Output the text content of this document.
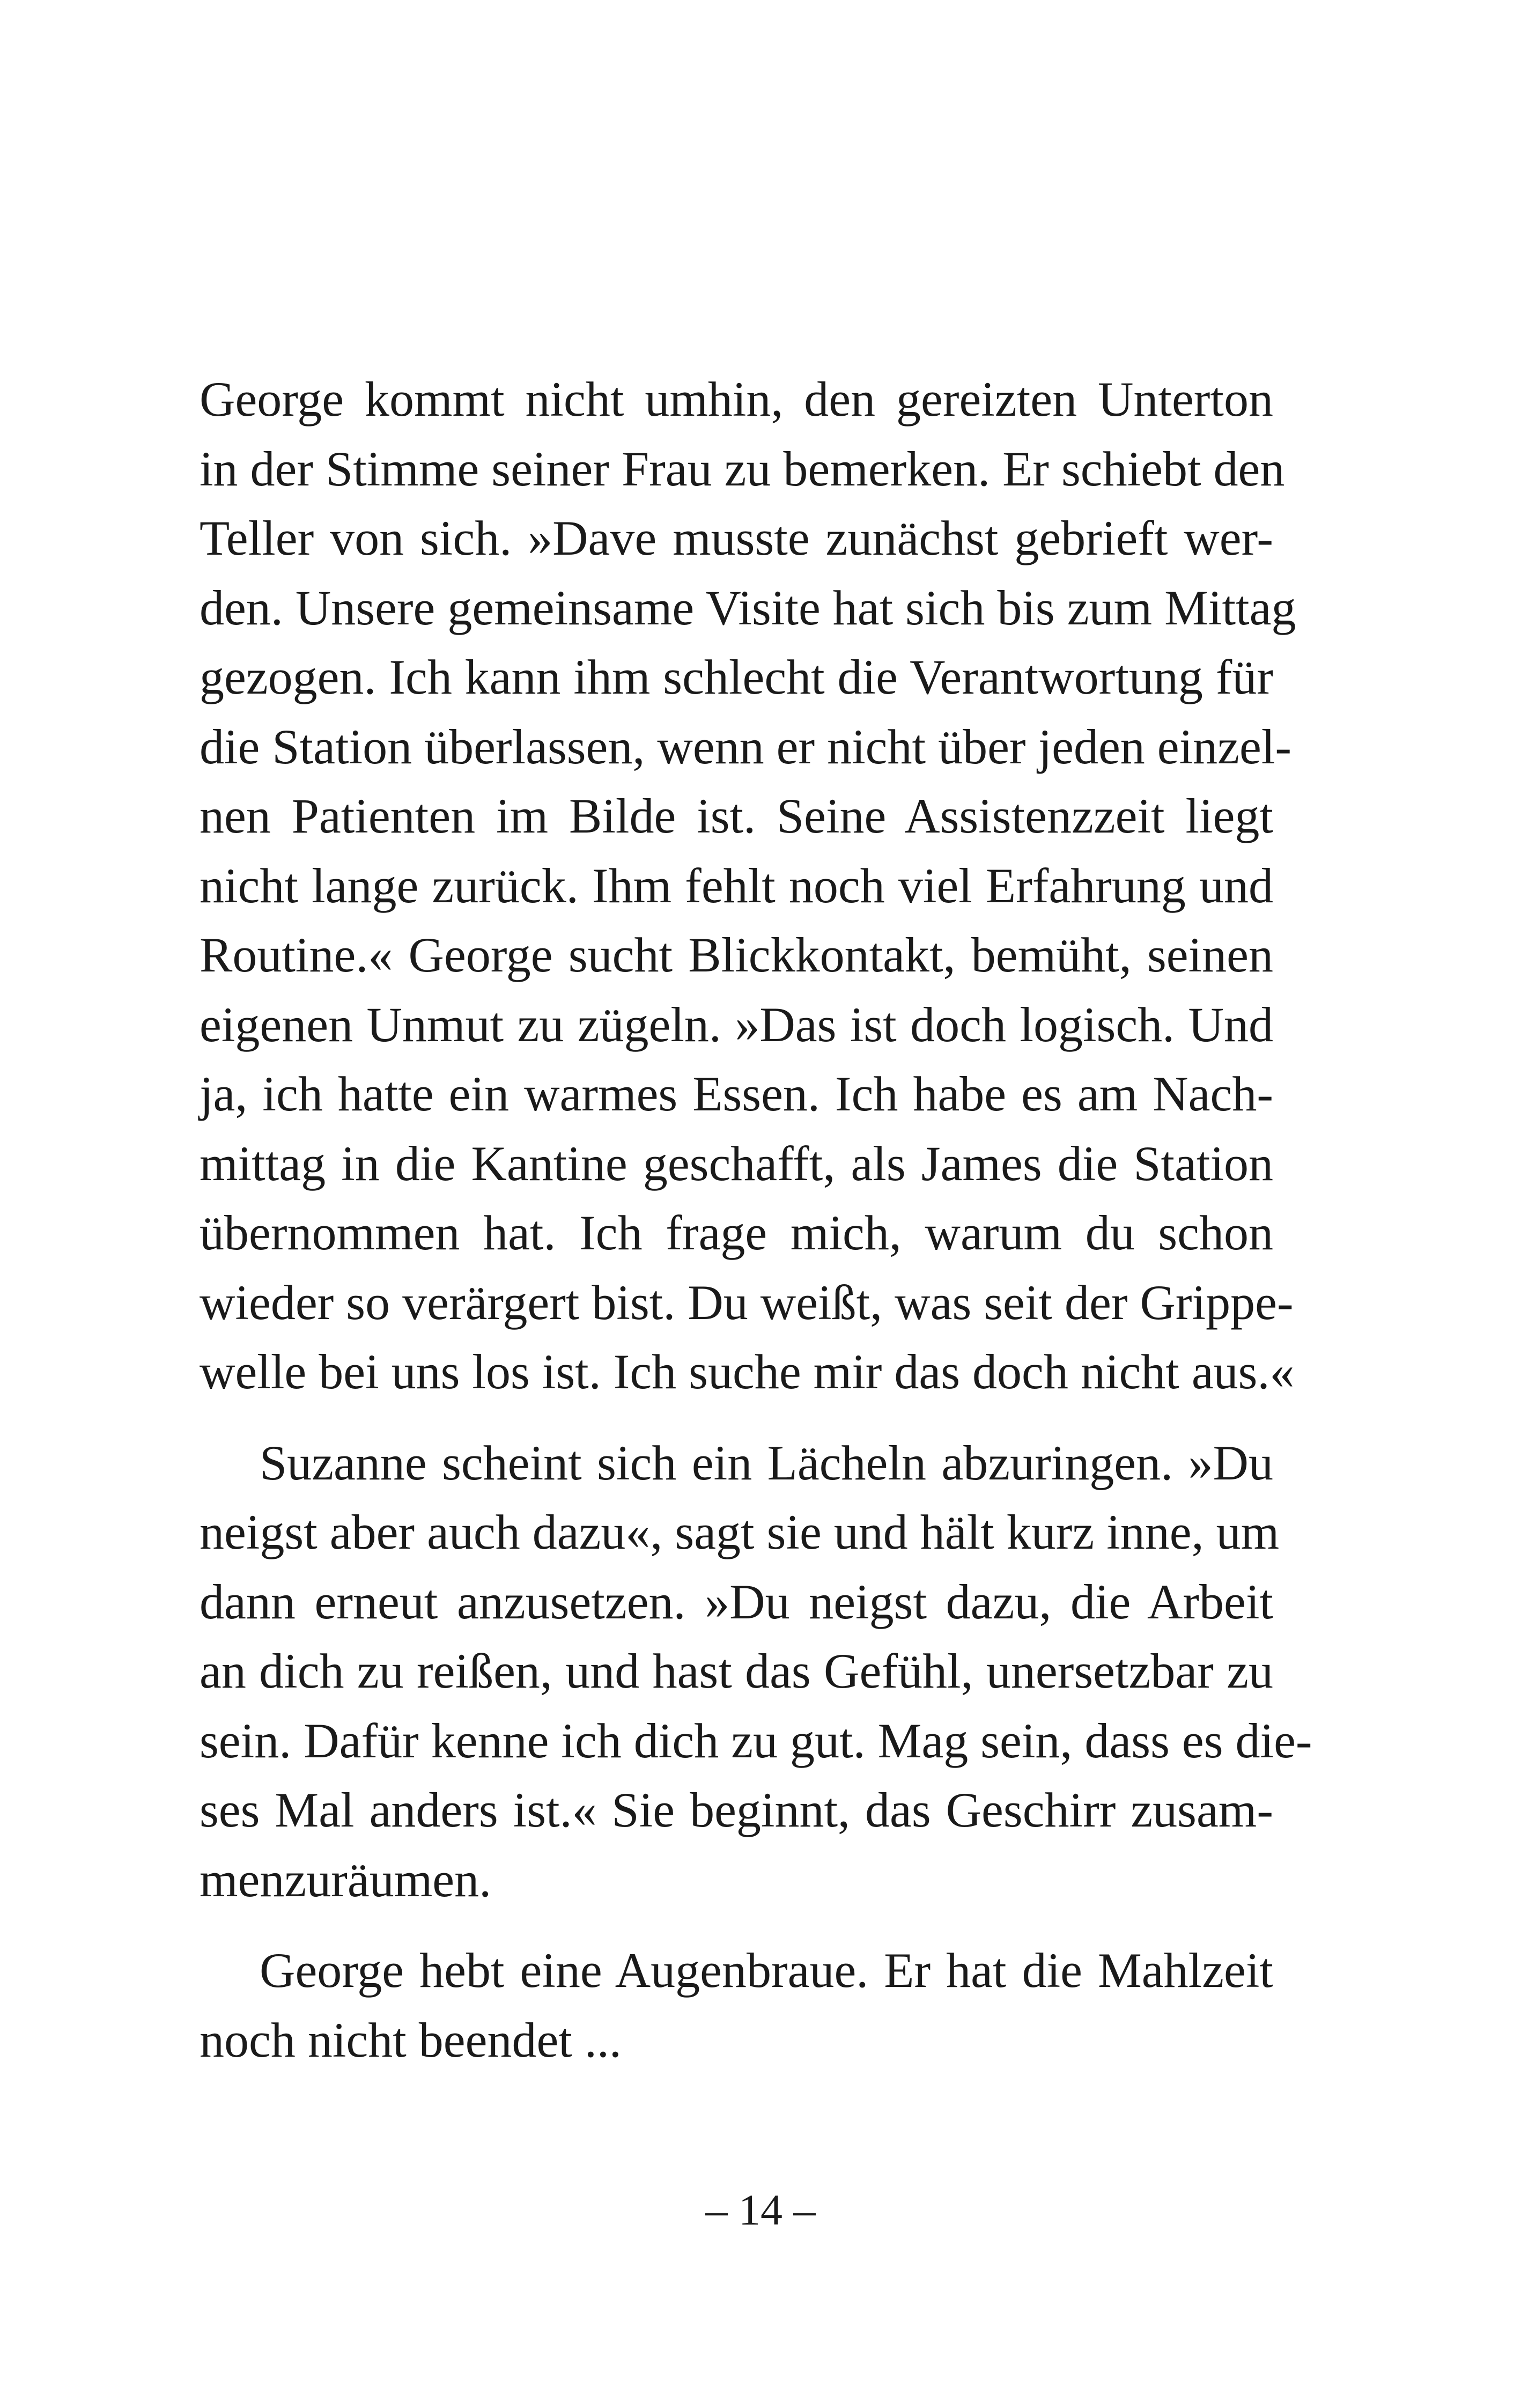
George kommt nicht umhin, den gereizten Unterton
in der Stimme seiner Frau zu bemerken. Er schiebt den
Teller von sich. »Dave musste zunächst gebrieft wer-
den. Unsere gemeinsame Visite hat sich bis zum Mittag
gezogen. Ich kann ihm schlecht die Verantwortung für
die Station überlassen, wenn er nicht über jeden einzel-
nen Patienten im Bilde ist. Seine Assistenzzeit liegt
nicht lange zurück. Ihm fehlt noch viel Erfahrung und
Routine.« George sucht Blickkontakt, bemüht, seinen
eigenen Unmut zu zügeln. »Das ist doch logisch. Und
ja, ich hatte ein warmes Essen. Ich habe es am Nach-
mittag in die Kantine geschafft, als James die Station
übernommen hat. Ich frage mich, warum du schon
wieder so verärgert bist. Du weißt, was seit der Grippe-
welle bei uns los ist. Ich suche mir das doch nicht aus.«
Suzanne scheint sich ein Lächeln abzuringen. »Du
neigst aber auch dazu«, sagt sie und hält kurz inne, um
dann erneut anzusetzen. »Du neigst dazu, die Arbeit
an dich zu reißen, und hast das Gefühl, unersetzbar zu
sein. Dafür kenne ich dich zu gut. Mag sein, dass es die-
ses Mal anders ist.« Sie beginnt, das Geschirr zusam-
menzuräumen.
George hebt eine Augenbraue. Er hat die Mahlzeit
noch nicht beendet ...
– 14 –
